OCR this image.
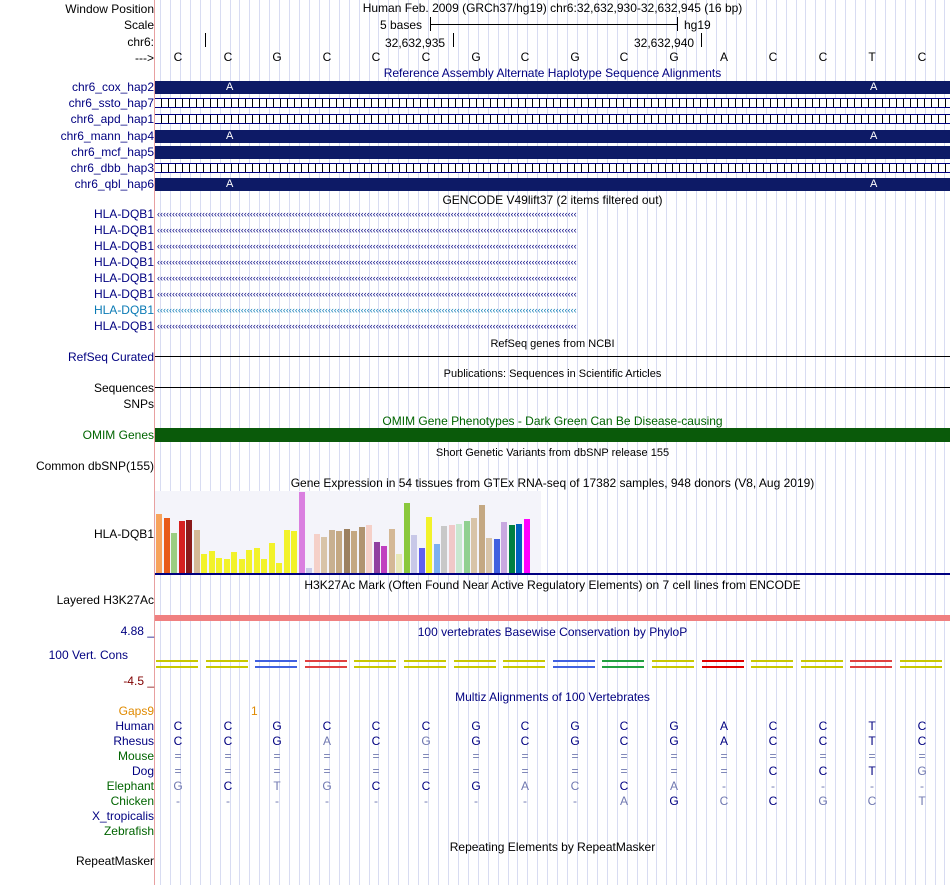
Window Position
Scale
chr6:
--->
Human Feb. 2009 (GRCh37/hg19) chr6:32,632,930-32,632,945 (16 bp)
5 bases	hg19
32,632,935	32,632,940
C	C	G	C	C	C	G	C	G	C	G	A	C	C	T	C
Reference Assembly Alternate Haplotype Sequence Alignments
chr6_cox_hap2	A	A
chr6_ssto_hap7
chr6_apd_hap1
chr6_mann_hap4	A	A
chr6_mcf_hap5
chr6_dbb_hap3
chr6_qbl_hap6	A	A
GENCODE V49lift37 (2 items filtered out)
HLA-DQB1 ‹‹‹‹‹‹‹‹‹‹‹‹‹‹‹‹‹‹‹‹‹‹‹‹‹‹‹‹‹‹‹‹‹‹‹‹‹‹‹‹‹‹‹‹‹‹‹‹‹‹‹‹‹‹‹‹‹‹‹‹‹‹‹‹‹‹‹‹‹‹‹‹‹‹‹‹‹‹‹‹‹‹‹‹‹‹‹‹‹‹‹‹‹‹‹‹‹‹‹‹‹‹‹‹‹‹‹‹‹‹‹‹‹‹‹‹‹‹‹‹‹‹‹‹‹‹‹‹‹‹‹‹‹‹‹‹‹‹‹‹
HLA-DQB1 ‹‹‹‹‹‹‹‹‹‹‹‹‹‹‹‹‹‹‹‹‹‹‹‹‹‹‹‹‹‹‹‹‹‹‹‹‹‹‹‹‹‹‹‹‹‹‹‹‹‹‹‹‹‹‹‹‹‹‹‹‹‹‹‹‹‹‹‹‹‹‹‹‹‹‹‹‹‹‹‹‹‹‹‹‹‹‹‹‹‹‹‹‹‹‹‹‹‹‹‹‹‹‹‹‹‹‹‹‹‹‹‹‹‹‹‹‹‹‹‹‹‹‹‹‹‹‹‹‹‹‹‹‹‹‹‹‹‹‹‹
HLA-DQB1 ‹‹‹‹‹‹‹‹‹‹‹‹‹‹‹‹‹‹‹‹‹‹‹‹‹‹‹‹‹‹‹‹‹‹‹‹‹‹‹‹‹‹‹‹‹‹‹‹‹‹‹‹‹‹‹‹‹‹‹‹‹‹‹‹‹‹‹‹‹‹‹‹‹‹‹‹‹‹‹‹‹‹‹‹‹‹‹‹‹‹‹‹‹‹‹‹‹‹‹‹‹‹‹‹‹‹‹‹‹‹‹‹‹‹‹‹‹‹‹‹‹‹‹‹‹‹‹‹‹‹‹‹‹‹‹‹‹‹‹‹
HLA-DQB1 ‹‹‹‹‹‹‹‹‹‹‹‹‹‹‹‹‹‹‹‹‹‹‹‹‹‹‹‹‹‹‹‹‹‹‹‹‹‹‹‹‹‹‹‹‹‹‹‹‹‹‹‹‹‹‹‹‹‹‹‹‹‹‹‹‹‹‹‹‹‹‹‹‹‹‹‹‹‹‹‹‹‹‹‹‹‹‹‹‹‹‹‹‹‹‹‹‹‹‹‹‹‹‹‹‹‹‹‹‹‹‹‹‹‹‹‹‹‹‹‹‹‹‹‹‹‹‹‹‹‹‹‹‹‹‹‹‹‹‹‹
HLA-DQB1 ‹‹‹‹‹‹‹‹‹‹‹‹‹‹‹‹‹‹‹‹‹‹‹‹‹‹‹‹‹‹‹‹‹‹‹‹‹‹‹‹‹‹‹‹‹‹‹‹‹‹‹‹‹‹‹‹‹‹‹‹‹‹‹‹‹‹‹‹‹‹‹‹‹‹‹‹‹‹‹‹‹‹‹‹‹‹‹‹‹‹‹‹‹‹‹‹‹‹‹‹‹‹‹‹‹‹‹‹‹‹‹‹‹‹‹‹‹‹‹‹‹‹‹‹‹‹‹‹‹‹‹‹‹‹‹‹‹‹‹‹
HLA-DQB1 ‹‹‹‹‹‹‹‹‹‹‹‹‹‹‹‹‹‹‹‹‹‹‹‹‹‹‹‹‹‹‹‹‹‹‹‹‹‹‹‹‹‹‹‹‹‹‹‹‹‹‹‹‹‹‹‹‹‹‹‹‹‹‹‹‹‹‹‹‹‹‹‹‹‹‹‹‹‹‹‹‹‹‹‹‹‹‹‹‹‹‹‹‹‹‹‹‹‹‹‹‹‹‹‹‹‹‹‹‹‹‹‹‹‹‹‹‹‹‹‹‹‹‹‹‹‹‹‹‹‹‹‹‹‹‹‹‹‹‹‹
HLA-DQB1 ‹‹‹‹‹‹‹‹‹‹‹‹‹‹‹‹‹‹‹‹‹‹‹‹‹‹‹‹‹‹‹‹‹‹‹‹‹‹‹‹‹‹‹‹‹‹‹‹‹‹‹‹‹‹‹‹‹‹‹‹‹‹‹‹‹‹‹‹‹‹‹‹‹‹‹‹‹‹‹‹‹‹‹‹‹‹‹‹‹‹‹‹‹‹‹‹‹‹‹‹‹‹‹‹‹‹‹‹‹‹‹‹‹‹‹‹‹‹‹‹‹‹‹‹‹‹‹‹‹‹‹‹‹‹‹‹‹‹‹‹
HLA-DQB1 ‹‹‹‹‹‹‹‹‹‹‹‹‹‹‹‹‹‹‹‹‹‹‹‹‹‹‹‹‹‹‹‹‹‹‹‹‹‹‹‹‹‹‹‹‹‹‹‹‹‹‹‹‹‹‹‹‹‹‹‹‹‹‹‹‹‹‹‹‹‹‹‹‹‹‹‹‹‹‹‹‹‹‹‹‹‹‹‹‹‹‹‹‹‹‹‹‹‹‹‹‹‹‹‹‹‹‹‹‹‹‹‹‹‹‹‹‹‹‹‹‹‹‹‹‹‹‹‹‹‹‹‹‹‹‹‹‹‹‹‹
RefSeq genes from NCBI
RefSeq Curated
Publications: Sequences in Scientific Articles
Sequences
SNPs
OMIM Gene Phenotypes - Dark Green Can Be Disease-causing
OMIM Genes
Short Genetic Variants from dbSNP release 155
Common dbSNP(155)
Gene Expression in 54 tissues from GTEx RNA-seq of 17382 samples, 948 donors (V8, Aug 2019)
HLA-DQB1
H3K27Ac Mark (Often Found Near Active Regulatory Elements) on 7 cell lines from ENCODE
Layered H3K27Ac
100 vertebrates Basewise Conservation by PhyloP
4.88 _
100 Vert. Cons
-4.5 _
Multiz Alignments of 100 Vertebrates
Gaps9	1
Human	C	C	G	C	C	C	G	C	G	C	G	A	C	C	T	C
Rhesus	C	C	G	A	C	G	G	C	G	C	G	A	C	C	T	C
Mouse	=	=	=	=	=	=	=	=	=	=	=	=	=	=	=	=
Dog	=	=	=	=	=	=	=	=	=	=	=	=	C	C	T	G
Elephant	G	C	T	G	C	C	G	A	C	C	A	-	-	-	-	-
Chicken	-	-	-	-	-	-	-	-	-	A	G	C	C	G	C	T
X_tropicalis
Zebrafish
Repeating Elements by RepeatMasker
RepeatMasker
